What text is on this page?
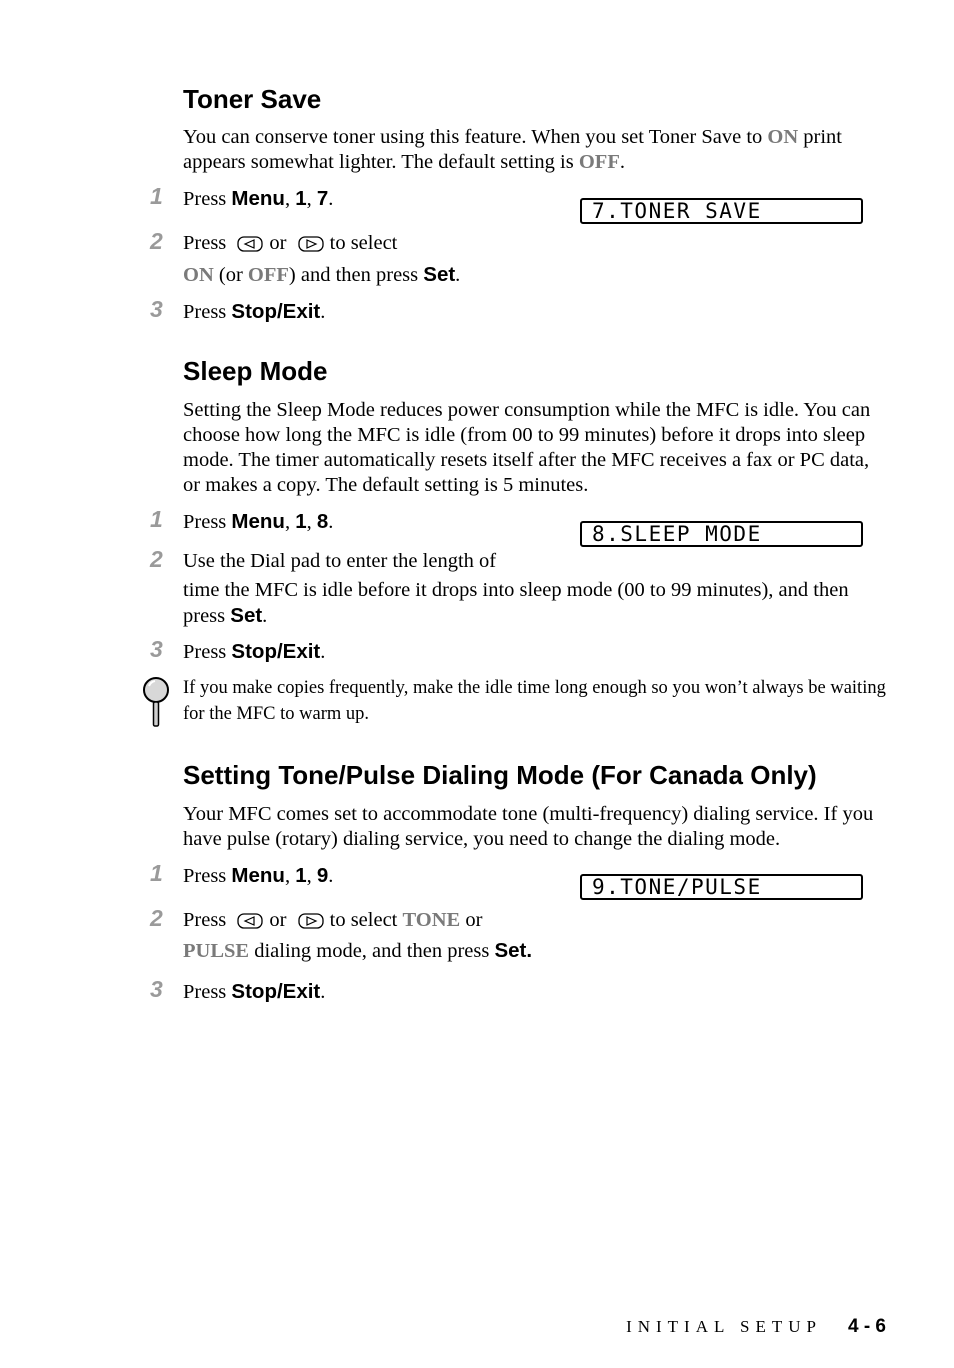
Toner Save
You can conserve toner using this feature. When you set Toner Save to ON print
appears somewhat lighter. The default setting is OFF.
1 Press Menu, 1, 7.	7.TONER SAVE
2 Press or to select
ON (or OFF) and then press Set.
3 Press Stop/Exit.
Sleep Mode
Setting the Sleep Mode reduces power consumption while the MFC is idle. You can choose how long the MFC is idle (from 00 to 99 minutes) before it drops into sleep mode. The timer automatically resets itself after the MFC receives a fax or PC data, or makes a copy. The default setting is 5 minutes.
1 Press Menu, 1, 8.	8.SLEEP MODE
2 Use the Dial pad to enter the length of
time the MFC is idle before it drops into sleep mode (00 to 99 minutes), and then
press Set.
3 Press Stop/Exit.
If you make copies frequently, make the idle time long enough so you won’t always be waiting for the MFC to warm up.
Setting Tone/Pulse Dialing Mode (For Canada Only)
Your MFC comes set to accommodate tone (multi-frequency) dialing service. If you have pulse (rotary) dialing service, you need to change the dialing mode.
1 Press Menu, 1, 9.	9.TONE/PULSE
2 Press or to select TONE or
PULSE dialing mode, and then press Set.
3 Press Stop/Exit.
INITIAL SETUP 4 - 6
